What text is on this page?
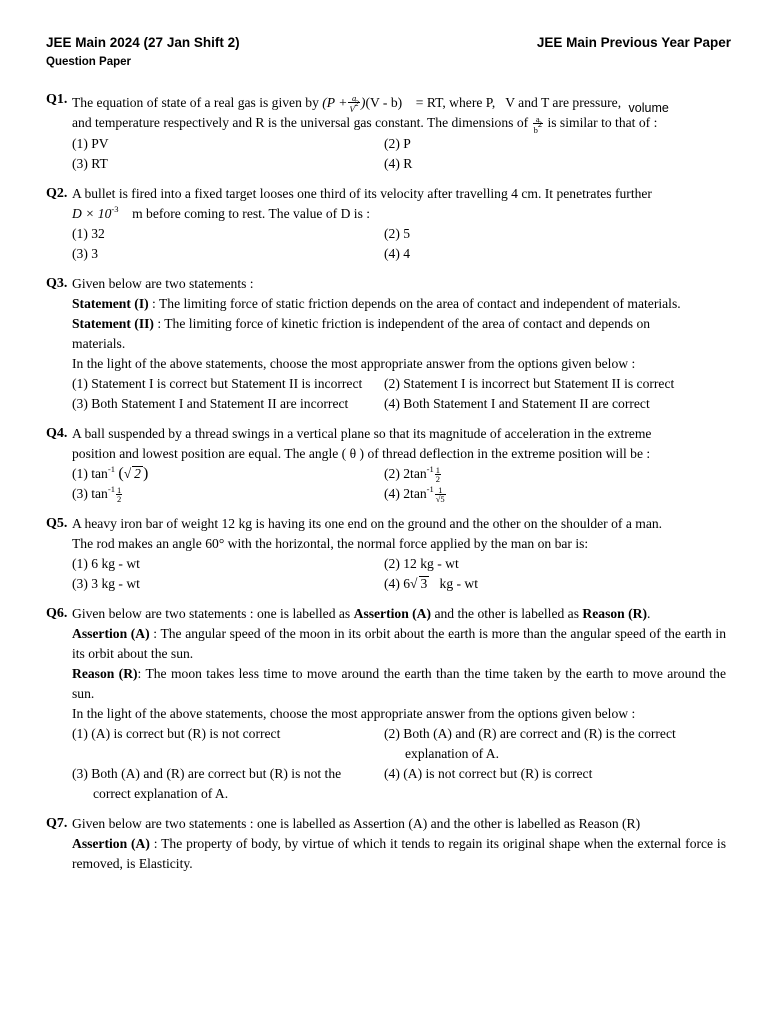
JEE Main 2024 (27 Jan Shift 2)	JEE Main Previous Year Paper
Question Paper
Q1. The equation of state of a real gas is given by $(P + \frac{a}{V^2} )(V - b)$    = RT, where P, V and T are pressure, volume
and temperature respectively and R is the universal gas constant. The dimensions of $\frac{a}{b^2}$ is similar to that of :
(1) PV	(2) P
(3) RT	(4) R
Q2. A bullet is fired into a fixed target looses one third of its velocity after travelling 4 cm. It penetrates further
$D \times 10^{-3}$ m before coming to rest. The value of D is :
(1) 32	(2) 5
(3) 3	(4) 4
Q3. Given below are two statements :
Statement (I) : The limiting force of static friction depends on the area of contact and independent of materials.
Statement (II) : The limiting force of kinetic friction is independent of the area of contact and depends on
materials.
In the light of the above statements, choose the most appropriate answer from the options given below :
(1) Statement I is correct but Statement II is incorrect	(2) Statement I is incorrect but Statement II is correct
(3) Both Statement I and Statement II are incorrect	(4) Both Statement I and Statement II are correct
Q4. A ball suspended by a thread swings in a vertical plane so that its magnitude of acceleration in the extreme
position and lowest position are equal. The angle ( θ ) of thread deflection in the extreme position will be :
(1) $\tan^{-1}$ (√ 2 )	(2) $2\tan^{-1} \frac{1}{2}$
(3) $\tan^{-1} \frac{1}{2}$	(4) $2\tan^{-1} \frac{1}{√5}$
Q5. A heavy iron bar of weight 12 kg is having its one end on the ground and the other on the shoulder of a man.
The rod makes an angle 60° with the horizontal, the normal force applied by the man on bar is:
(1) 6 kg - wt	(2) 12 kg - wt
(3) 3 kg - wt	(4) 6√ 3 kg - wt
Q6. Given below are two statements : one is labelled as Assertion (A) and the other is labelled as Reason (R).
Assertion (A) : The angular speed of the moon in its orbit about the earth is more than the angular speed of the earth in its orbit about the sun.
Reason (R): The moon takes less time to move around the earth than the time taken by the earth to move around the sun.
In the light of the above statements, choose the most appropriate answer from the options given below :
(1) (A) is correct but (R) is not correct	(2) Both (A) and (R) are correct and (R) is the correct explanation of A.
(3) Both (A) and (R) are correct but (R) is not the correct explanation of A.
(4) (A) is not correct but (R) is correct
Q7. Given below are two statements : one is labelled as Assertion (A) and the other is labelled as Reason (R)
Assertion (A) : The property of body, by virtue of which it tends to regain its original shape when the external force is removed, is Elasticity.
